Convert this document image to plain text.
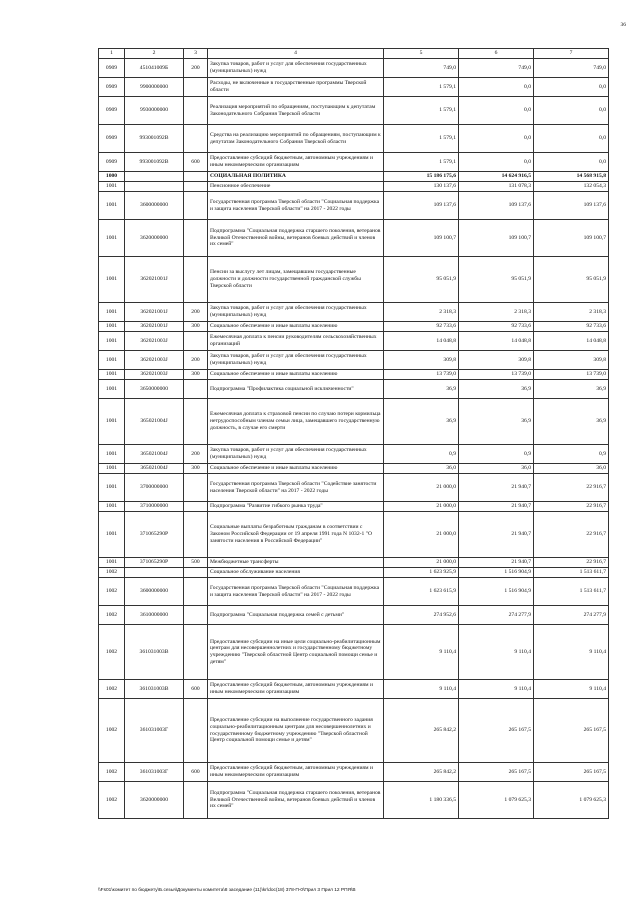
36
1	2	3	4	5	6	7
0909	451041009Б	200	Закупка товаров, работ и услуг для обеспечения государственных (муниципальных) нужд	749,0	749,0	749,0
0909	9900000000		Расходы, не включенные в государственные программы Тверской области	1 579,1	0,0	0,0
0909	9930000000		Реализация мероприятий по обращениям, поступающим к депутатам Законодательного Собрания Тверской области	1 579,1	0,0	0,0
0909	993001092В		Средства на реализацию мероприятий по обращениям, поступающим к депутатам Законодательного Собрания Тверской области	1 579,1	0,0	0,0
0909	993001092В	600	Предоставление субсидий бюджетным, автономным учреждениям и иным некоммерческим организациям	1 579,1	0,0	0,0
1000			СОЦИАЛЬНАЯ ПОЛИТИКА	15 186 175,6	14 624 916,5	14 568 915,8
1001			Пенсионное обеспечение	130 137,6	131 078,3	132 054,3
1001	3600000000		Государственная программа Тверской области "Социальная поддержка и защита населения Тверской области" на 2017 - 2022 годы	109 137,6	109 137,6	109 137,6
1001	3620000000		Подпрограмма "Социальная поддержка старшего поколения, ветеранов Великой Отечественной войны, ветеранов боевых действий и членов их семей"	109 100,7	109 100,7	109 100,7
1001	362021001J		Пенсии за выслугу лет лицам, замещавшим государственные должности и должности государственной гражданской службы Тверской области	95 051,9	95 051,9	95 051,9
1001	362021001J	200	Закупка товаров, работ и услуг для обеспечения государственных (муниципальных) нужд	2 318,3	2 318,3	2 318,3
1001	362021001J	300	Социальное обеспечение и иные выплаты населению	92 733,6	92 733,6	92 733,6
1001	362021003J		Ежемесячная доплата к пенсии руководителям сельскохозяйственных организаций	14 048,8	14 048,8	14 048,8
1001	362021003J	200	Закупка товаров, работ и услуг для обеспечения государственных (муниципальных) нужд	309,8	309,8	309,8
1001	362021003J	300	Социальное обеспечение и иные выплаты населению	13 739,0	13 739,0	13 739,0
1001	3650000000		Подпрограмма "Профилактика социальной исключенности"	36,9	36,9	36,9
1001	365021004J		Ежемесячная доплата к страховой пенсии по случаю потери кормильца нетрудоспособным членам семьи лица, замещавшего государственную должность, в случае его смерти	36,9	36,9	36,9
1001	365021004J	200	Закупка товаров, работ и услуг для обеспечения государственных (муниципальных) нужд	0,9	0,9	0,9
1001	365021004J	300	Социальное обеспечение и иные выплаты населению	36,0	36,0	36,0
1001	3700000000		Государственная программа Тверской области "Содействие занятости населения Тверской области" на 2017 - 2022 годы	21 000,0	21 940,7	22 916,7
1001	3710000000		Подпрограмма "Развитие гибкого рынка труда"	21 000,0	21 940,7	22 916,7
1001	371065290Р		Социальные выплаты безработным гражданам в соответствии с Законом Российской Федерации от 19 апреля 1991 года N 1032-1 "О занятости населения в Российской Федерации"	21 000,0	21 940,7	22 916,7
1001	371065290Р	500	Межбюджетные трансферты	21 000,0	21 940,7	22 916,7
1002			Социальное обслуживание населения	1 623 925,9	1 516 904,9	1 513 611,7
1002	3600000000		Государственная программа Тверской области "Социальная поддержка и защита населения Тверской области" на 2017 - 2022 годы	1 623 615,9	1 516 904,9	1 513 611,7
1002	3610000000		Подпрограмма "Социальная поддержка семей с детьми"	274 952,6	274 277,9	274 277,9
1002	361031003В		Предоставление субсидии на иные цели социально-реабилитационным центрам для несовершеннолетних и государственному бюджетному учреждению "Тверской областной Центр социальной помощи семье и детям"	9 110,4	9 110,4	9 110,4
1002	361031003В	600	Предоставление субсидий бюджетным, автономным учреждениям и иным некоммерческим организациям	9 110,4	9 110,4	9 110,4
1002	361031003Г		Предоставление субсидии на выполнение государственного задания социально-реабилитационным центрам для несовершеннолетних и государственному бюджетному учреждению "Тверской областной Центр социальной помощи семье и детям"	265 842,2	265 167,5	265 167,5
1002	361031003Г	600	Предоставление субсидий бюджетным, автономным учреждениям и иным некоммерческим организациям	265 842,2	265 167,5	265 167,5
1002	3620000000		Подпрограмма "Социальная поддержка старшего поколения, ветеранов Великой Отечественной войны, ветеранов боевых действий и членов их семей"	1 180 336,5	1 079 625,3	1 079 625,3
\\Fs01\комитет по бюджету\Б.сезья\Документы комитета\8 заседание (11)\kr\doc(18) 378-П-0\Прил 3 Прил 12 РПЯ\В
